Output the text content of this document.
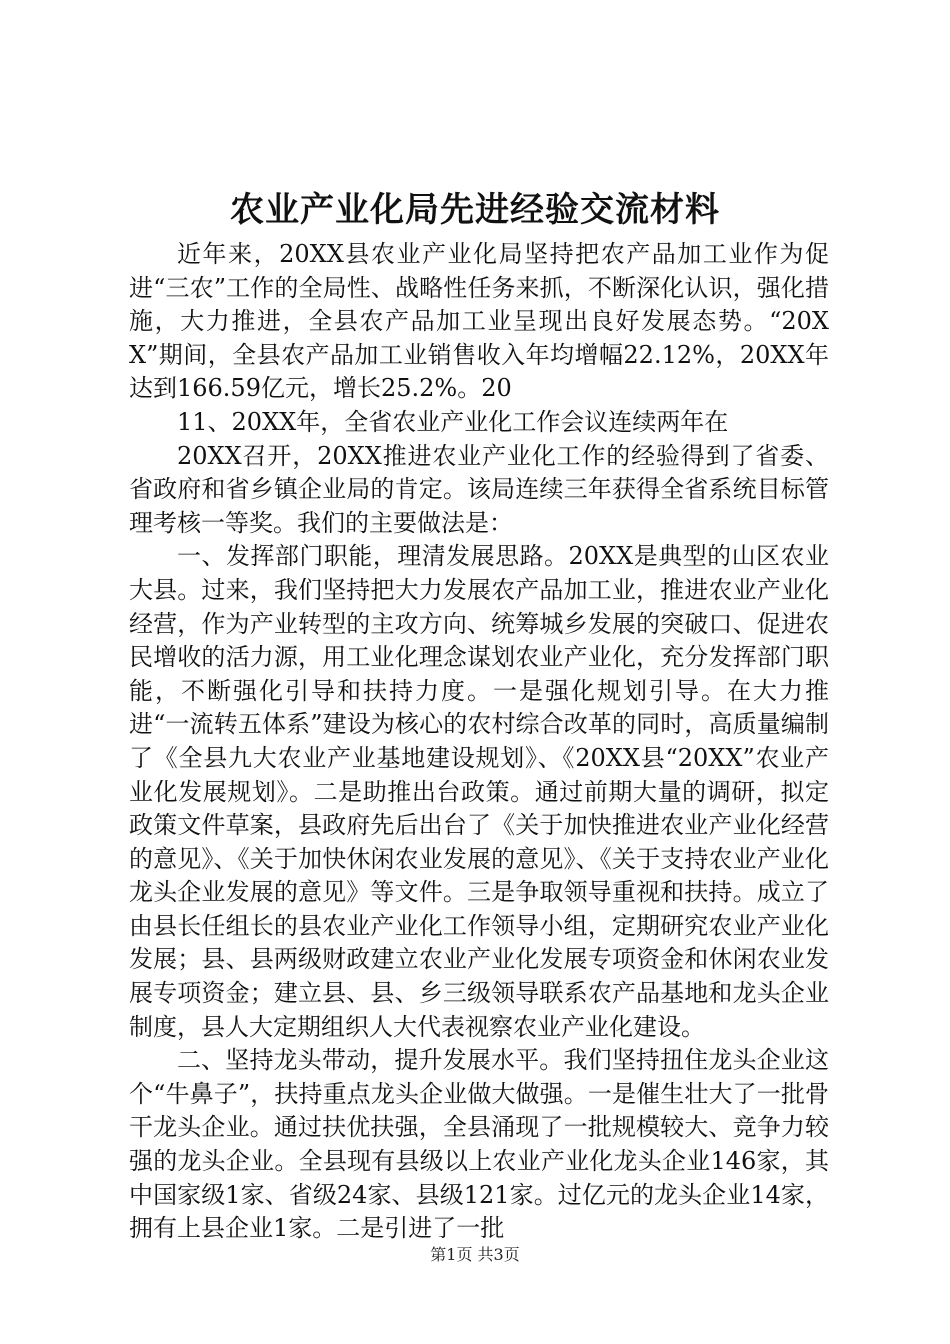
农业产业化局先进经验交流材料

近年来，20XX县农业产业化局坚持把农产品加工业作为促进“三农”工作的全局性、战略性任务来抓，不断深化认识，强化措施，大力推进，全县农产品加工业呈现出良好发展态势。“20XX”期间，全县农产品加工业销售收入年均增幅22.12%，20XX年达到166.59亿元，增长25.2%。20

11、20XX年，全省农业产业化工作会议连续两年在

20XX召开，20XX推进农业产业化工作的经验得到了省委、省政府和省乡镇企业局的肯定。该局连续三年获得全省系统目标管理考核一等奖。我们的主要做法是：

一、发挥部门职能，理清发展思路。20XX是典型的山区农业大县。过来，我们坚持把大力发展农产品加工业，推进农业产业化经营，作为产业转型的主攻方向、统筹城乡发展的突破口、促进农民增收的活力源，用工业化理念谋划农业产业化，充分发挥部门职能，不断强化引导和扶持力度。一是强化规划引导。在大力推进“一流转五体系”建设为核心的农村综合改革的同时，高质量编制了《全县九大农业产业基地建设规划》、《20XX县“20XX”农业产业化发展规划》。二是助推出台政策。通过前期大量的调研，拟定政策文件草案，县政府先后出台了《关于加快推进农业产业化经营的意见》、《关于加快休闲农业发展的意见》、《关于支持农业产业化龙头企业发展的意见》等文件。三是争取领导重视和扶持。成立了由县长任组长的县农业产业化工作领导小组，定期研究农业产业化发展；县、县两级财政建立农业产业化发展专项资金和休闲农业发展专项资金；建立县、县、乡三级领导联系农产品基地和龙头企业制度，县人大定期组织人大代表视察农业产业化建设。

二、坚持龙头带动，提升发展水平。我们坚持扭住龙头企业这个“牛鼻子”，扶持重点龙头企业做大做强。一是催生壮大了一批骨干龙头企业。通过扶优扶强，全县涌现了一批规模较大、竞争力较强的龙头企业。全县现有县级以上农业产业化龙头企业146家，其中国家级1家、省级24家、县级121家。过亿元的龙头企业14家，拥有上县企业1家。二是引进了一批

第1页 共3页
